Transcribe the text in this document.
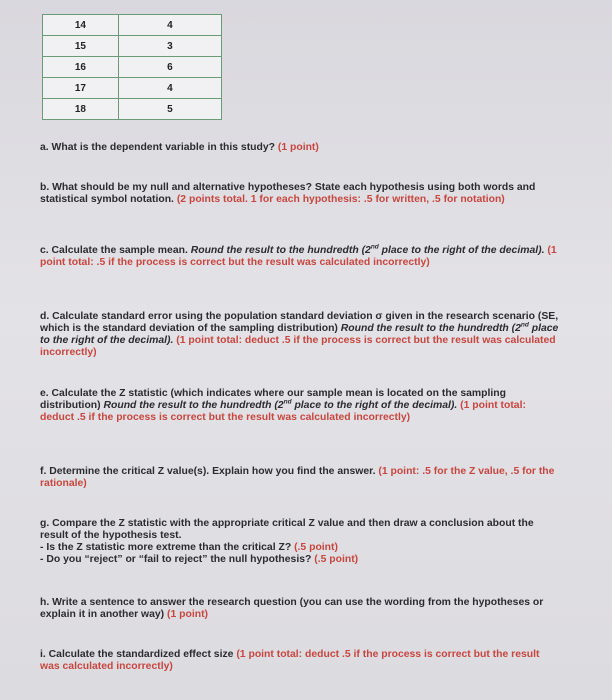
14	4
15	3
16	6
17	4
18	5
a. What is the dependent variable in this study? (1 point)
b. What should be my null and alternative hypotheses? State each hypothesis using both words and statistical symbol notation. (2 points total. 1 for each hypothesis: .5 for written, .5 for notation)
c. Calculate the sample mean. Round the result to the hundredth (2nd place to the right of the decimal). (1 point total: .5 if the process is correct but the result was calculated incorrectly)
d. Calculate standard error using the population standard deviation σ given in the research scenario (SE, which is the standard deviation of the sampling distribution) Round the result to the hundredth (2nd place to the right of the decimal). (1 point total: deduct .5 if the process is correct but the result was calculated incorrectly)
e. Calculate the Z statistic (which indicates where our sample mean is located on the sampling distribution) Round the result to the hundredth (2nd place to the right of the decimal). (1 point total: deduct .5 if the process is correct but the result was calculated incorrectly)
f. Determine the critical Z value(s). Explain how you find the answer. (1 point: .5 for the Z value, .5 for the rationale)
g. Compare the Z statistic with the appropriate critical Z value and then draw a conclusion about the result of the hypothesis test.
- Is the Z statistic more extreme than the critical Z? (.5 point)
- Do you “reject” or “fail to reject” the null hypothesis? (.5 point)
h. Write a sentence to answer the research question (you can use the wording from the hypotheses or explain it in another way) (1 point)
i. Calculate the standardized effect size (1 point total: deduct .5 if the process is correct but the result was calculated incorrectly)
